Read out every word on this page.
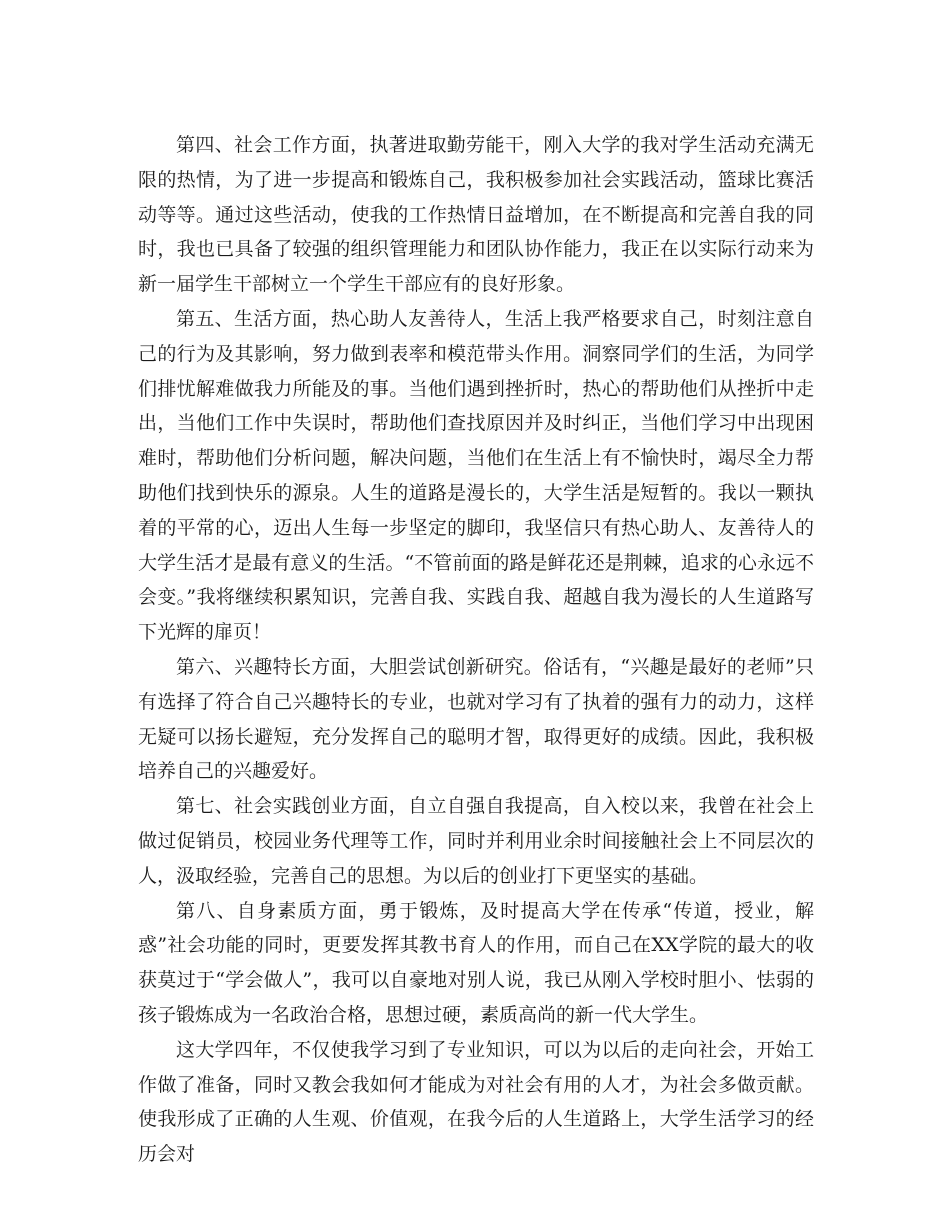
第四、社会工作方面，执著进取勤劳能干，刚入大学的我对学生活动充满无限的热情，为了进一步提高和锻炼自己，我积极参加社会实践活动，篮球比赛活动等等。通过这些活动，使我的工作热情日益增加，在不断提高和完善自我的同时，我也已具备了较强的组织管理能力和团队协作能力，我正在以实际行动来为新一届学生干部树立一个学生干部应有的良好形象。

第五、生活方面，热心助人友善待人，生活上我严格要求自己，时刻注意自己的行为及其影响，努力做到表率和模范带头作用。洞察同学们的生活，为同学们排忧解难做我力所能及的事。当他们遇到挫折时，热心的帮助他们从挫折中走出，当他们工作中失误时，帮助他们查找原因并及时纠正，当他们学习中出现困难时，帮助他们分析问题，解决问题，当他们在生活上有不愉快时，竭尽全力帮助他们找到快乐的源泉。人生的道路是漫长的，大学生活是短暂的。我以一颗执着的平常的心，迈出人生每一步坚定的脚印，我坚信只有热心助人、友善待人的大学生活才是最有意义的生活。“不管前面的路是鲜花还是荆棘，追求的心永远不会变。”我将继续积累知识，完善自我、实践自我、超越自我为漫长的人生道路写下光辉的扉页！

第六、兴趣特长方面，大胆尝试创新研究。俗话有，“兴趣是最好的老师”只有选择了符合自己兴趣特长的专业，也就对学习有了执着的强有力的动力，这样无疑可以扬长避短，充分发挥自己的聪明才智，取得更好的成绩。因此，我积极培养自己的兴趣爱好。

第七、社会实践创业方面，自立自强自我提高，自入校以来，我曾在社会上做过促销员，校园业务代理等工作，同时并利用业余时间接触社会上不同层次的人，汲取经验，完善自己的思想。为以后的创业打下更坚实的基础。

第八、自身素质方面，勇于锻炼，及时提高大学在传承“传道，授业，解惑”社会功能的同时，更要发挥其教书育人的作用，而自己在XX学院的最大的收获莫过于“学会做人”，我可以自豪地对别人说，我已从刚入学校时胆小、怯弱的孩子锻炼成为一名政治合格，思想过硬，素质高尚的新一代大学生。

这大学四年，不仅使我学习到了专业知识，可以为以后的走向社会，开始工作做了准备，同时又教会我如何才能成为对社会有用的人才，为社会多做贡献。使我形成了正确的人生观、价值观，在我今后的人生道路上，大学生活学习的经历会对
